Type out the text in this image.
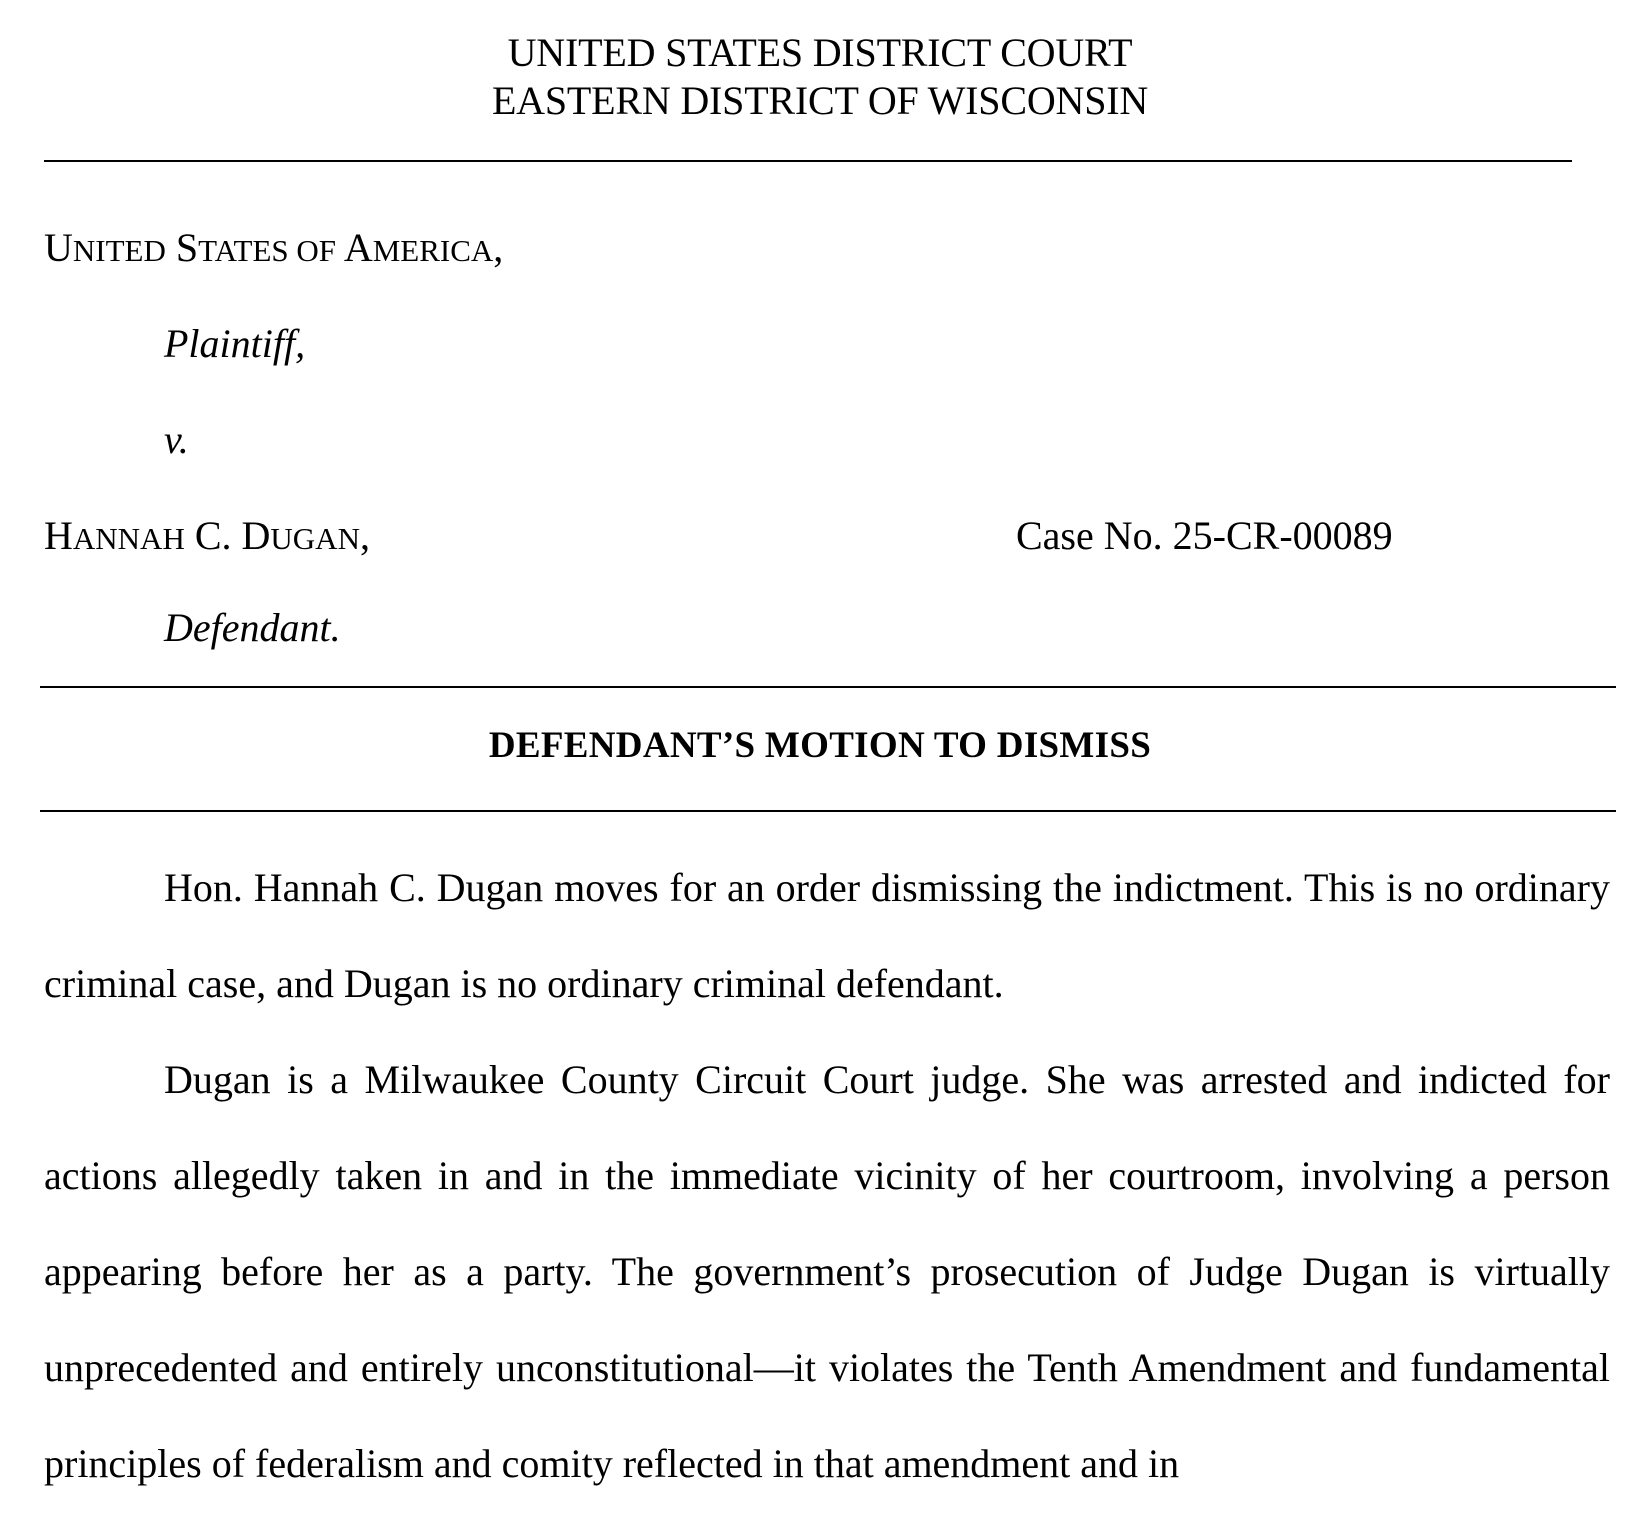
UNITED STATES DISTRICT COURT
EASTERN DISTRICT OF WISCONSIN
UNITED STATES OF AMERICA,
Plaintiff,
v.
HANNAH C. DUGAN,	Case No. 25-CR-00089
Defendant.
DEFENDANT’S MOTION TO DISMISS

Hon. Hannah C. Dugan moves for an order dismissing the indictment. This is no ordinary criminal case, and Dugan is no ordinary criminal defendant.

Dugan is a Milwaukee County Circuit Court judge. She was arrested and indicted for actions allegedly taken in and in the immediate vicinity of her courtroom, involving a person appearing before her as a party. The government’s prosecution of Judge Dugan is virtually unprecedented and entirely unconstitutional—it violates the Tenth Amendment and fundamental principles of federalism and comity reflected in that amendment and in
